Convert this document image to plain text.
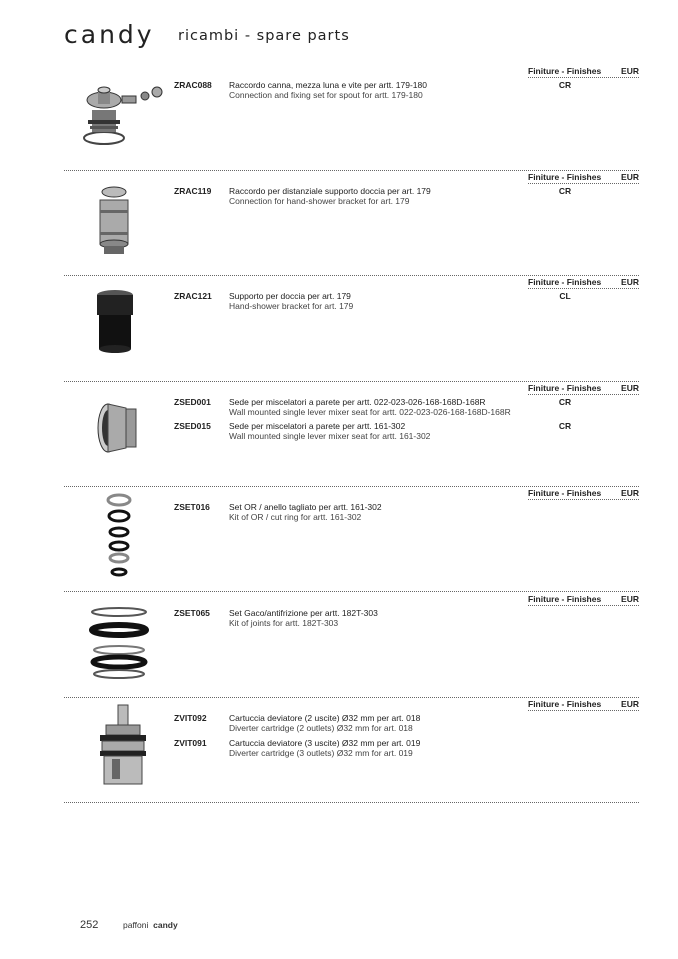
candy ricambi - spare parts
Finiture - Finishes EUR
ZRAC088 Raccordo canna, mezza luna e vite per artt. 179-180
Connection and fixing set for spout for artt. 179-180
CR
Finiture - Finishes EUR
ZRAC119 Raccordo per distanziale supporto doccia per art. 179
Connection for hand-shower bracket for art. 179
CR
Finiture - Finishes EUR
ZRAC121 Supporto per doccia per art. 179
Hand-shower bracket for art. 179
CL
Finiture - Finishes EUR
ZSED001 Sede per miscelatori a parete per artt. 022-023-026-168-168D-168R
Wall mounted single lever mixer seat for artt. 022-023-026-168-168D-168R
CR
ZSED015 Sede per miscelatori a parete per artt. 161-302
Wall mounted single lever mixer seat for artt. 161-302
CR
Finiture - Finishes EUR
ZSET016 Set OR / anello tagliato per artt. 161-302
Kit of OR / cut ring for artt. 161-302
Finiture - Finishes EUR
ZSET065 Set Gaco/antifrizione per artt. 182T-303
Kit of joints for artt. 182T-303
Finiture - Finishes EUR
ZVIT092	Cartuccia deviatore (2 uscite) Ø32 mm per art. 018
Diverter cartridge (2 outlets) Ø32 mm for art. 018
ZVIT091	Cartuccia deviatore (3 uscite) Ø32 mm per art. 019
Diverter cartridge (3 outlets) Ø32 mm for art. 019
252	paffoni candy
